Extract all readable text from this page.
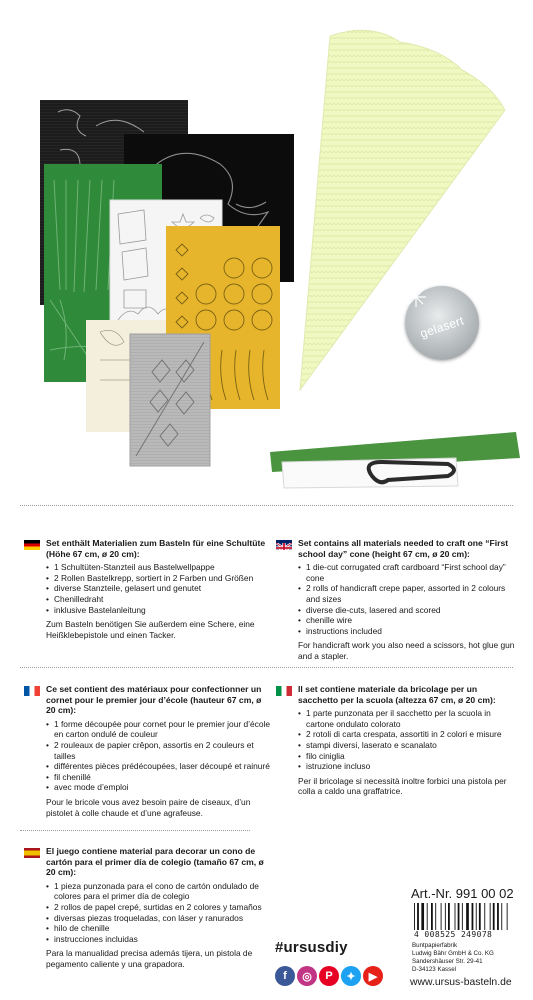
gelasert
Set enthält Materialien zum Basteln für eine Schultüte (Höhe 67 cm, ø 20 cm):
• 1 Schultüten-Stanzteil aus Bastelwellpappe
• 2 Rollen Bastelkrepp, sortiert in 2 Farben und Größen
• diverse Stanzteile, gelasert und genutet
• Chenilledraht
• inklusive Bastelanleitung

Zum Basteln benötigen Sie außerdem eine Schere, eine Heißklebepistole und einen Tacker.

Set contains all materials needed to craft one “First school day” cone (height 67 cm, ø 20 cm):
• 1 die-cut corrugated craft cardboard “First school day” cone
• 2 rolls of handicraft crepe paper, assorted in 2 colours and sizes
• diverse die-cuts, lasered and scored
• chenille wire
• instructions included

For handicraft work you also need a scissors, hot glue gun and a stapler.

Ce set contient des matériaux pour confectionner un cornet pour le premier jour d’école (hauteur 67 cm, ø 20 cm):
• 1 forme découpée pour cornet pour le premier jour d’école en carton ondulé de couleur
• 2 rouleaux de papier crêpon, assortis en 2 couleurs et tailles
• différentes pièces prédécoupées, laser découpé et rainuré
• fil chenillé
• avec mode d’emploi

Pour le bricole vous avez besoin paire de ciseaux, d’un pistolet à colle chaude et d’une agrafeuse.

Il set contiene materiale da bricolage per un sacchetto per la scuola (altezza 67 cm, ø 20 cm):
• 1 parte punzonata per il sacchetto per la scuola in cartone ondulato colorato
• 2 rotoli di carta crespata, assortiti in 2 colori e misure
• stampi diversi, laserato e scanalato
• filo ciniglia
• istruzione incluso

Per il bricolage si necessità inoltre forbici una pistola per colla a caldo una graffatrice.

El juego contiene material para decorar un cono de cartón para el primer día de colegio (tamaño 67 cm, ø 20 cm):
• 1 pieza punzonada para el cono de cartón ondulado de colores para el primer día de colegio
• 2 rollos de papel crepé, surtidas en 2 colores y tamaños
• diversas piezas troqueladas, con láser y ranurados
• hilo de chenille
• instrucciones incluidas

Para la manualidad precisa además tijera, un pistola de pegamento caliente y una grapadora.

Art.-Nr. 991 00 02
4 008525 249078
Buntpapierfabrik
Ludwig Bähr GmbH & Co. KG
Sandershäuser Str. 29-41
D-34123 Kassel
#ursusdiy
f	◎	P	✦	▶	www.ursus-basteln.de
